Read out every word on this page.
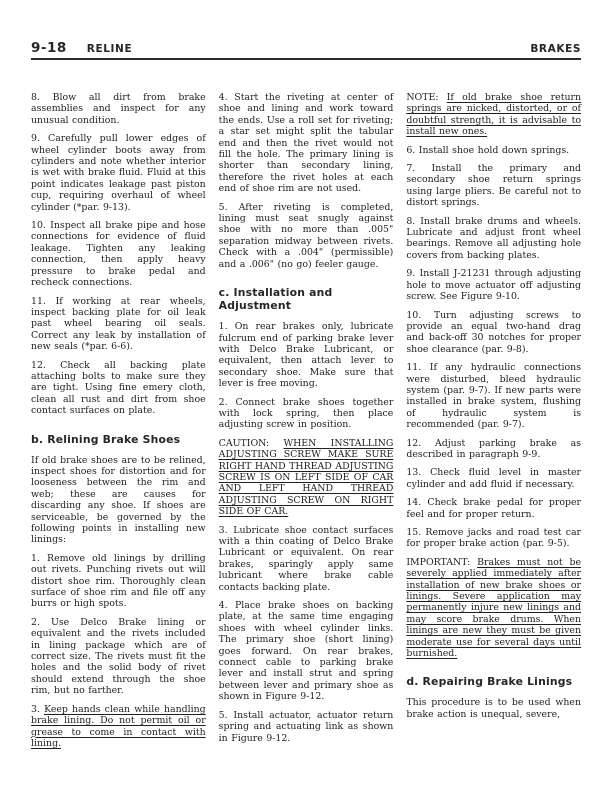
9-18 RELINE	BRAKES

8. Blow all dirt from brake assemblies and inspect for any unusual condition.

9. Carefully pull lower edges of wheel cylinder boots away from cylinders and note whether interior is wet with brake fluid. Fluid at this point indicates leakage past piston cup, requiring overhaul of wheel cylinder (*par. 9-13).

10. Inspect all brake pipe and hose connections for evidence of fluid leakage. Tighten any leaking connection, then apply heavy pressure to brake pedal and recheck connections.

11. If working at rear wheels, inspect backing plate for oil leak past wheel bearing oil seals. Correct any leak by installation of new seals (*par. 6-6).

12. Check all backing plate attaching bolts to make sure they are tight. Using fine emery cloth, clean all rust and dirt from shoe contact surfaces on plate.

b. Relining Brake Shoes

If old brake shoes are to be relined, inspect shoes for distortion and for looseness between the rim and web; these are causes for discarding any shoe. If shoes are serviceable, be governed by the following points in installing new linings:

1. Remove old linings by drilling out rivets. Punching rivets out will distort shoe rim. Thoroughly clean surface of shoe rim and file off any burrs or high spots.

2. Use Delco Brake lining or equivalent and the rivets included in lining package which are of correct size. The rivets must fit the holes and the solid body of rivet should extend through the shoe rim, but no farther.

3. Keep hands clean while handling brake lining. Do not permit oil or grease to come in contact with lining.

4. Start the riveting at center of shoe and lining and work toward the ends. Use a roll set for riveting; a star set might split the tabular end and then the rivet would not fill the hole. The primary lining is shorter than secondary lining, therefore the rivet holes at each end of shoe rim are not used.

5. After riveting is completed, lining must seat snugly against shoe with no more than .005" separation midway between rivets. Check with a .004" (permissible) and a .006" (no go) feeler gauge.

c. Installation and Adjustment

1. On rear brakes only, lubricate fulcrum end of parking brake lever with Delco Brake Lubricant, or equivalent, then attach lever to secondary shoe. Make sure that lever is free moving.

2. Connect brake shoes together with lock spring, then place adjusting screw in position.

CAUTION: WHEN INSTALLING ADJUSTING SCREW MAKE SURE RIGHT HAND THREAD ADJUSTING SCREW IS ON LEFT SIDE OF CAR AND LEFT HAND THREAD ADJUSTING SCREW ON RIGHT SIDE OF CAR.

3. Lubricate shoe contact surfaces with a thin coating of Delco Brake Lubricant or equivalent. On rear brakes, sparingly apply same lubricant where brake cable contacts backing plate.

4. Place brake shoes on backing plate, at the same time engaging shoes with wheel cylinder links. The primary shoe (short lining) goes forward. On rear brakes, connect cable to parking brake lever and install strut and spring between lever and primary shoe as shown in Figure 9-12.

5. Install actuator, actuator return spring and actuating link as shown in Figure 9-12.

NOTE: If old brake shoe return springs are nicked, distorted, or of doubtful strength, it is advisable to install new ones.

6. Install shoe hold down springs.

7. Install the primary and secondary shoe return springs using large pliers. Be careful not to distort springs.

8. Install brake drums and wheels. Lubricate and adjust front wheel bearings. Remove all adjusting hole covers from backing plates.

9. Install J-21231 through adjusting hole to move actuator off adjusting screw. See Figure 9-10.

10. Turn adjusting screws to provide an equal two-hand drag and back-off 30 notches for proper shoe clearance (par. 9-8).

11. If any hydraulic connections were disturbed, bleed hydraulic system (par. 9-7). If new parts were installed in brake system, flushing of hydraulic system is recommended (par. 9-7).

12. Adjust parking brake as described in paragraph 9-9.

13. Check fluid level in master cylinder and add fluid if necessary.

14. Check brake pedal for proper feel and for proper return.

15. Remove jacks and road test car for proper brake action (par. 9-5).

IMPORTANT: Brakes must not be severely applied immediately after installation of new brake shoes or linings. Severe application may permanently injure new linings and may score brake drums. When linings are new they must be given moderate use for several days until burnished.

d. Repairing Brake Linings

This procedure is to be used when brake action is unequal, severe,
